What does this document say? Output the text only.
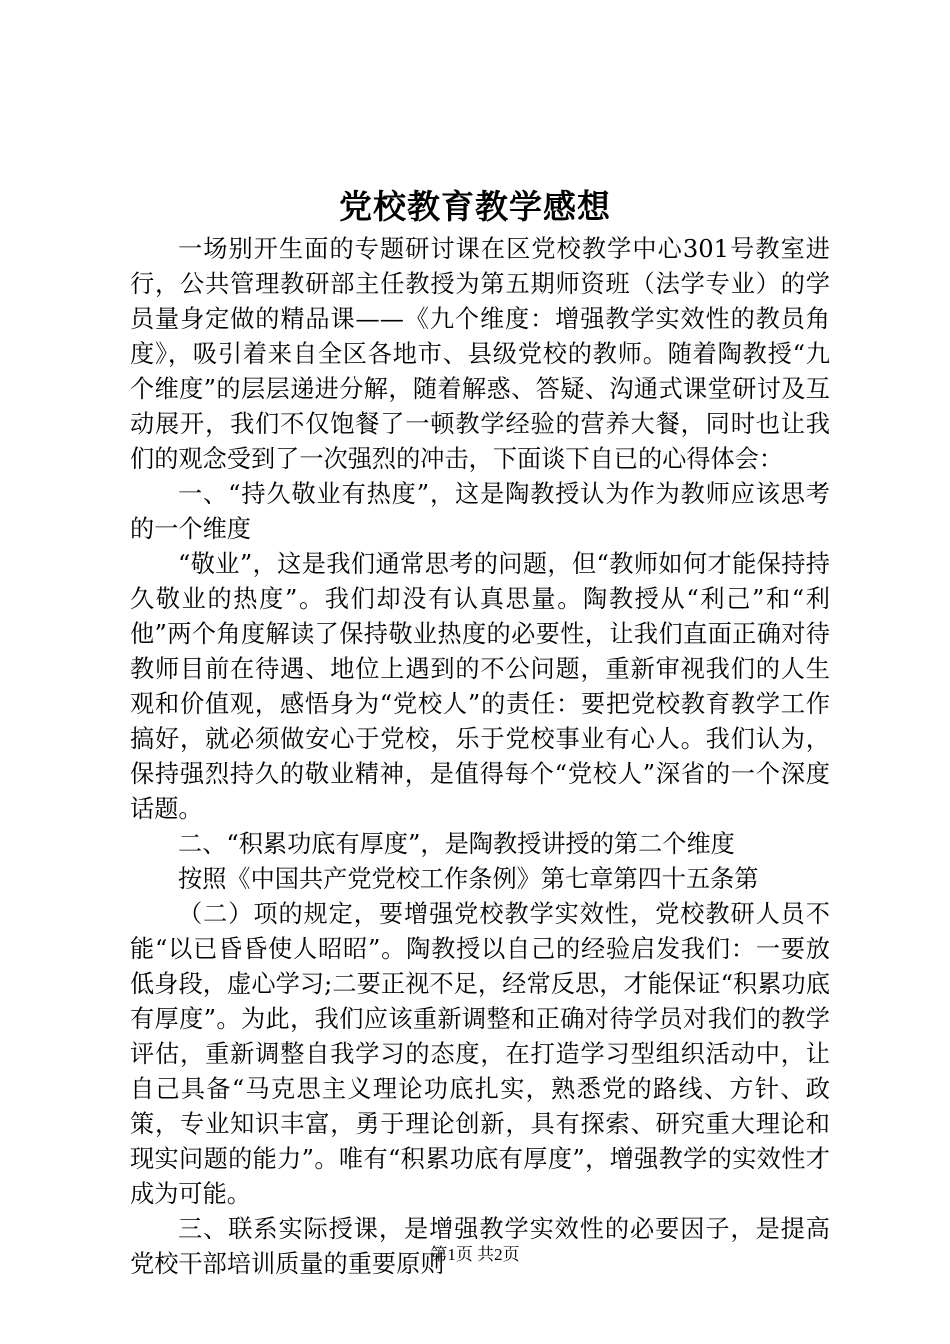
党校教育教学感想

一场别开生面的专题研讨课在区党校教学中心301号教室进行，公共管理教研部主任教授为第五期师资班（法学专业）的学员量身定做的精品课——《九个维度：增强教学实效性的教员角度》，吸引着来自全区各地市、县级党校的教师。随着陶教授“九个维度”的层层递进分解，随着解惑、答疑、沟通式课堂研讨及互动展开，我们不仅饱餐了一顿教学经验的营养大餐，同时也让我们的观念受到了一次强烈的冲击，下面谈下自已的心得体会：

一、“持久敬业有热度”，这是陶教授认为作为教师应该思考的一个维度

“敬业”，这是我们通常思考的问题，但“教师如何才能保持持久敬业的热度”。我们却没有认真思量。陶教授从“利己”和“利他”两个角度解读了保持敬业热度的必要性，让我们直面正确对待教师目前在待遇、地位上遇到的不公问题，重新审视我们的人生观和价值观，感悟身为“党校人”的责任：要把党校教育教学工作搞好，就必须做安心于党校，乐于党校事业有心人。我们认为，保持强烈持久的敬业精神，是值得每个“党校人”深省的一个深度话题。

二、“积累功底有厚度”，是陶教授讲授的第二个维度

按照《中国共产党党校工作条例》第七章第四十五条第

（二）项的规定，要增强党校教学实效性，党校教研人员不能“以已昏昏使人昭昭”。陶教授以自己的经验启发我们：一要放低身段，虚心学习;二要正视不足，经常反思，才能保证“积累功底有厚度”。为此，我们应该重新调整和正确对待学员对我们的教学评估，重新调整自我学习的态度，在打造学习型组织活动中，让自己具备“马克思主义理论功底扎实，熟悉党的路线、方针、政策，专业知识丰富，勇于理论创新，具有探索、研究重大理论和现实问题的能力”。唯有“积累功底有厚度”，增强教学的实效性才成为可能。

三、联系实际授课，是增强教学实效性的必要因子，是提高党校干部培训质量的重要原则

第1页 共2页
